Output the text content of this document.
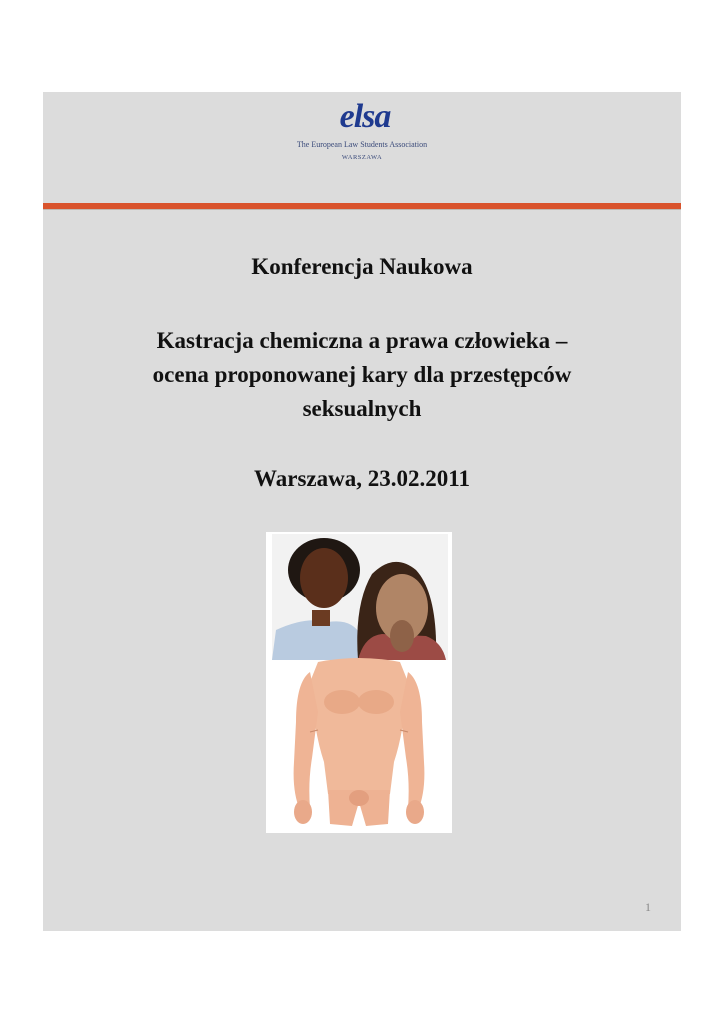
elsa
The European Law Students Association
WARSZAWA
Konferencja Naukowa
Kastracja chemiczna a prawa człowieka –
ocena proponowanej kary dla przestępców
seksualnych
Warszawa, 23.02.2011
1
